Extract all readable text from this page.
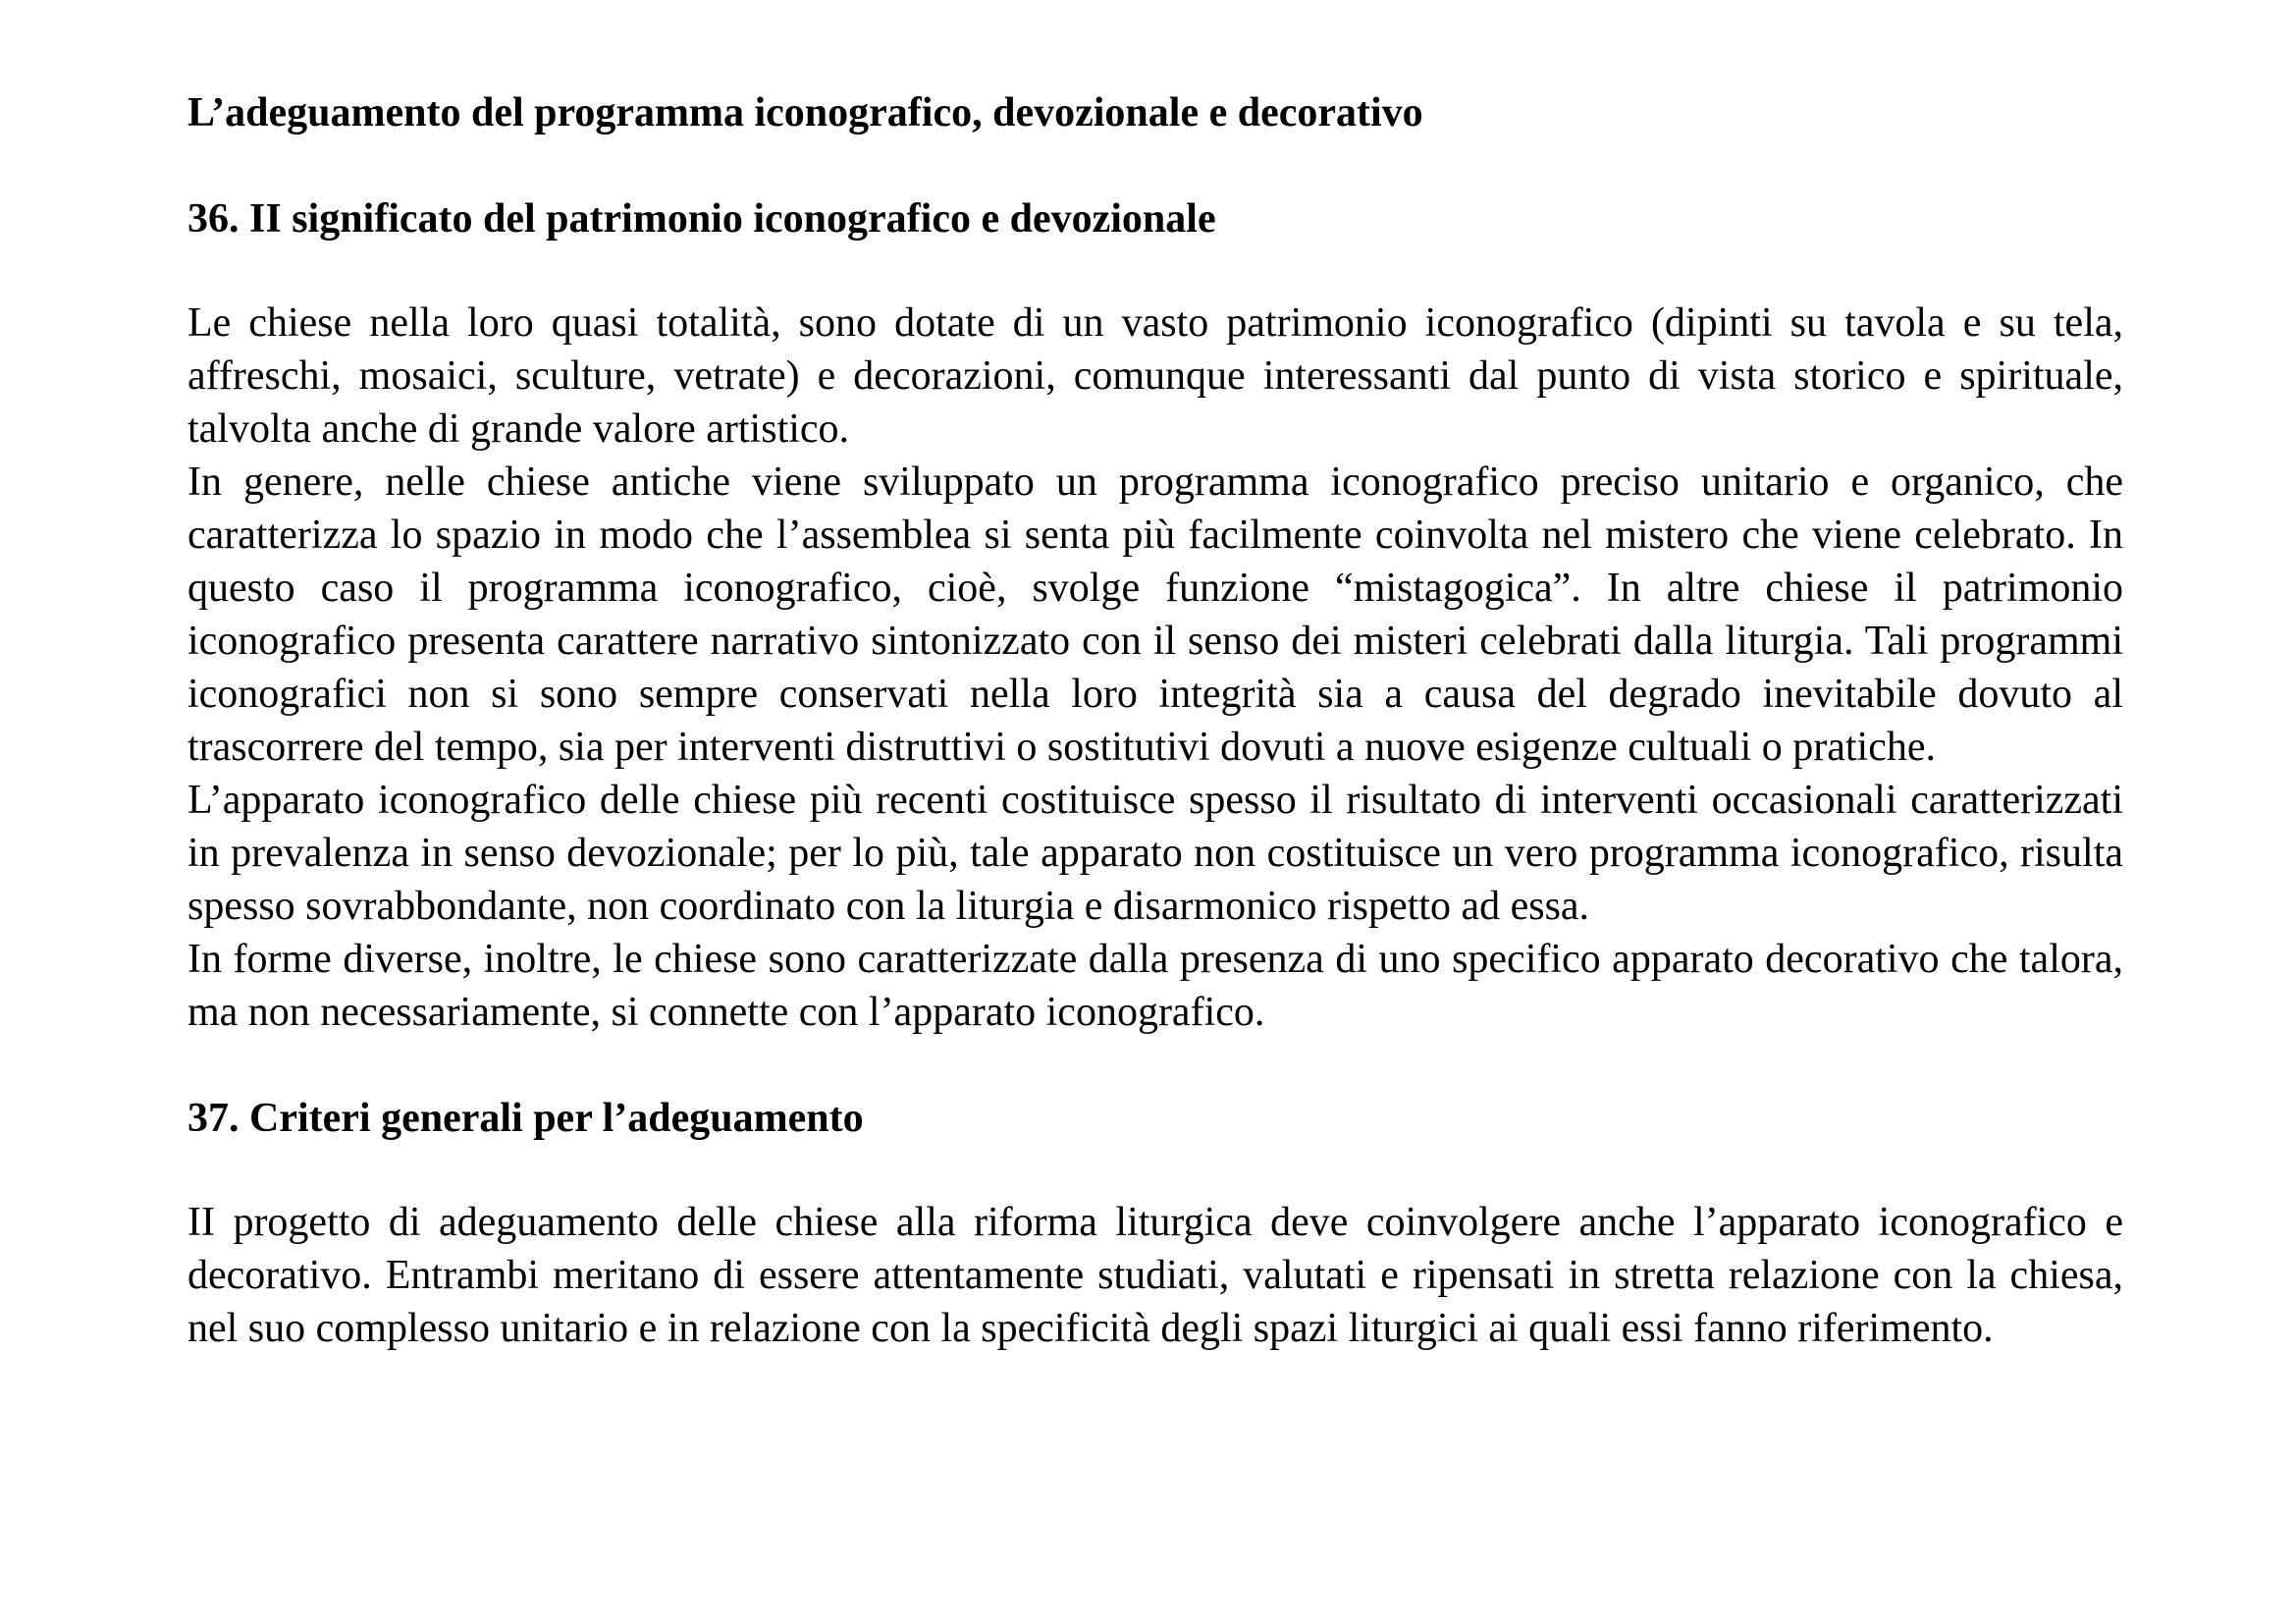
L’adeguamento del programma iconografico, devozionale e decorativo
36. II significato del patrimonio iconografico e devozionale

Le chiese nella loro quasi totalità, sono dotate di un vasto patrimonio iconografico (dipinti su tavola e su tela, affreschi, mosaici, sculture, vetrate) e decorazioni, comunque interessanti dal punto di vista storico e spirituale, talvolta anche di grande valore artistico.

In genere, nelle chiese antiche viene sviluppato un programma iconografico preciso unitario e organico, che caratterizza lo spazio in modo che l’assemblea si senta più facilmente coinvolta nel mistero che viene celebrato. In questo caso il programma iconografico, cioè, svolge funzione “mistagogica”. In altre chiese il patrimonio iconografico presenta carattere narrativo sintonizzato con il senso dei misteri celebrati dalla liturgia. Tali programmi iconografici non si sono sempre conservati nella loro integrità sia a causa del degrado inevitabile dovuto al trascorrere del tempo, sia per interventi distruttivi o sostitutivi dovuti a nuove esigenze cultuali o pratiche.

L’apparato iconografico delle chiese più recenti costituisce spesso il risultato di interventi occasionali caratterizzati in prevalenza in senso devozionale; per lo più, tale apparato non costituisce un vero programma iconografico, risulta spesso sovrabbondante, non coordinato con la liturgia e disarmonico rispetto ad essa.

In forme diverse, inoltre, le chiese sono caratterizzate dalla presenza di uno specifico apparato decorativo che talora, ma non necessariamente, si connette con l’apparato iconografico.

37. Criteri generali per l’adeguamento

II progetto di adeguamento delle chiese alla riforma liturgica deve coinvolgere anche l’apparato iconografico e decorativo. Entrambi meritano di essere attentamente studiati, valutati e ripensati in stretta relazione con la chiesa, nel suo complesso unitario e in relazione con la specificità degli spazi liturgici ai quali essi fanno riferimento.
